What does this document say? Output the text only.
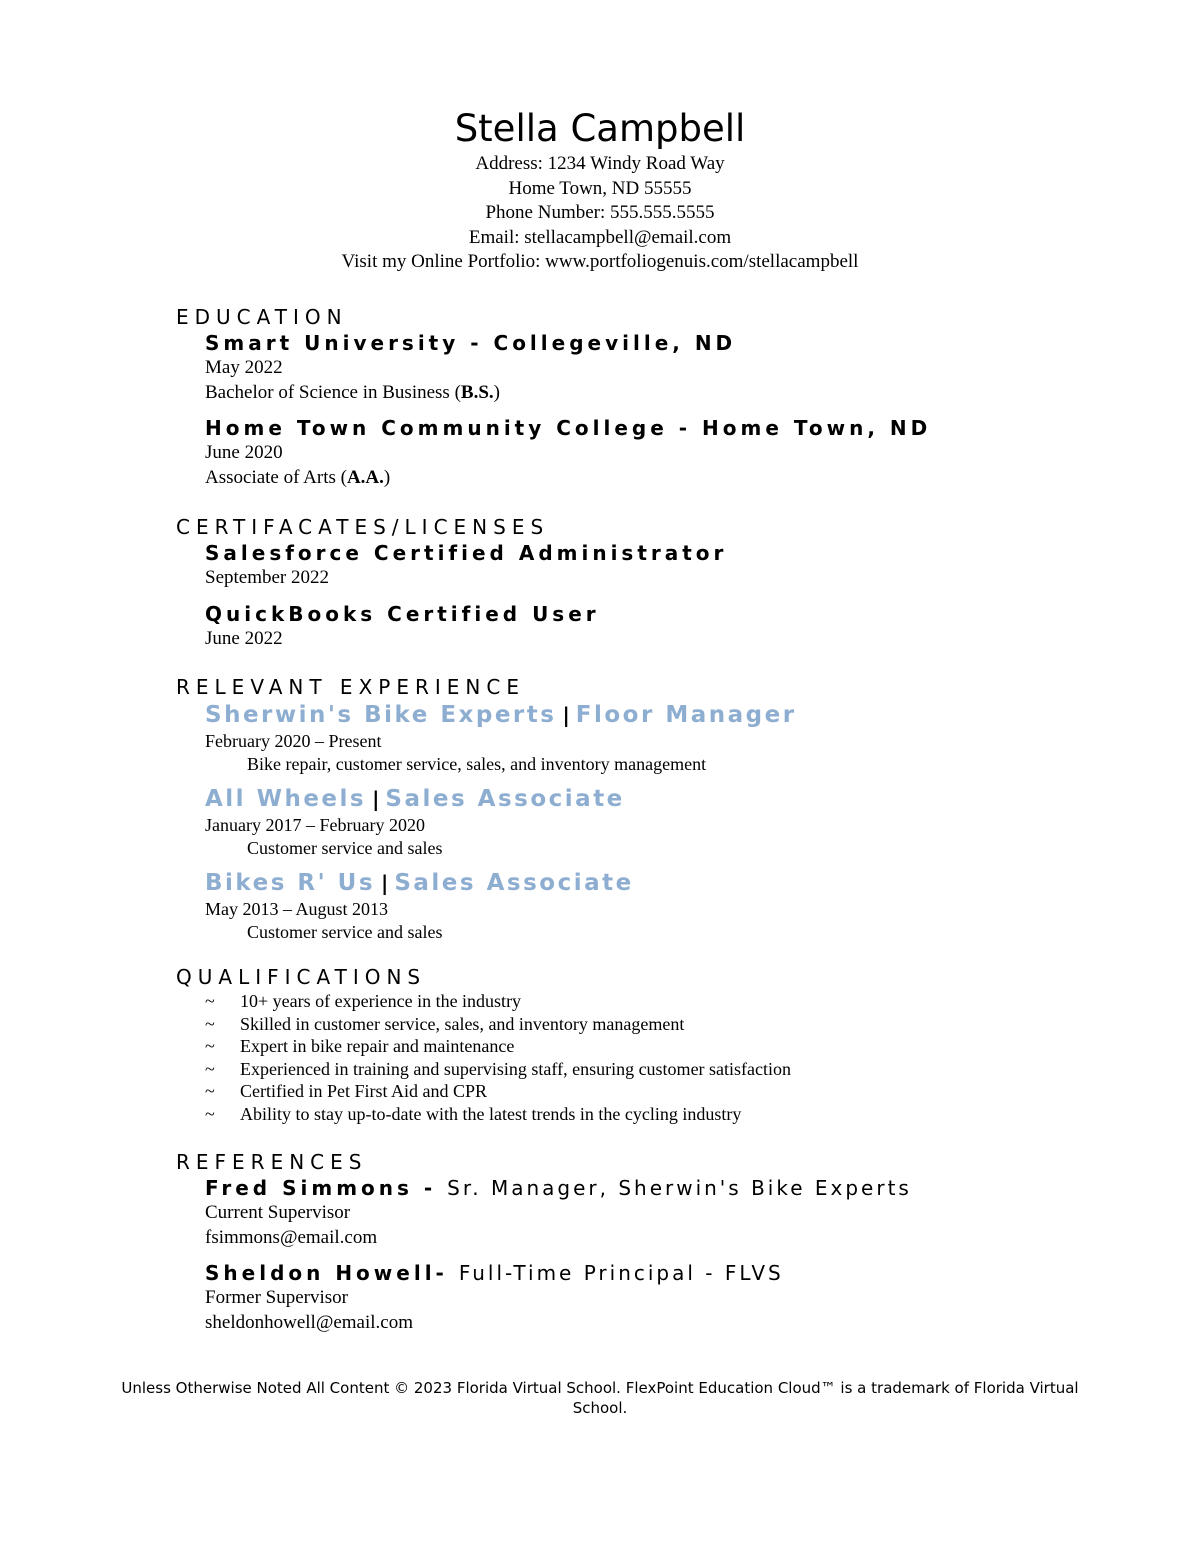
Stella Campbell
Address: 1234 Windy Road Way
Home Town, ND 55555
Phone Number: 555.555.5555
Email: stellacampbell@email.com
Visit my Online Portfolio: www.portfoliogenuis.com/stellacampbell
EDUCATION
Smart University - Collegeville, ND
May 2022
Bachelor of Science in Business (B.S.)
Home Town Community College - Home Town, ND
June 2020
Associate of Arts (A.A.)
CERTIFACATES/LICENSES
Salesforce Certified Administrator
September 2022
QuickBooks Certified User
June 2022
RELEVANT EXPERIENCE
Sherwin's Bike Experts | Floor Manager
February 2020 – Present
Bike repair, customer service, sales, and inventory management
All Wheels | Sales Associate
January 2017 – February 2020
Customer service and sales
Bikes R' Us | Sales Associate
May 2013 – August 2013
Customer service and sales
QUALIFICATIONS
~ 10+ years of experience in the industry
~ Skilled in customer service, sales, and inventory management
~ Expert in bike repair and maintenance
~ Experienced in training and supervising staff, ensuring customer satisfaction
~ Certified in Pet First Aid and CPR
~ Ability to stay up-to-date with the latest trends in the cycling industry
REFERENCES
Fred Simmons - Sr. Manager, Sherwin's Bike Experts
Current Supervisor
fsimmons@email.com
Sheldon Howell- Full-Time Principal - FLVS
Former Supervisor
sheldonhowell@email.com
Unless Otherwise Noted All Content © 2023 Florida Virtual School. FlexPoint Education Cloud™ is a trademark of Florida Virtual School.
